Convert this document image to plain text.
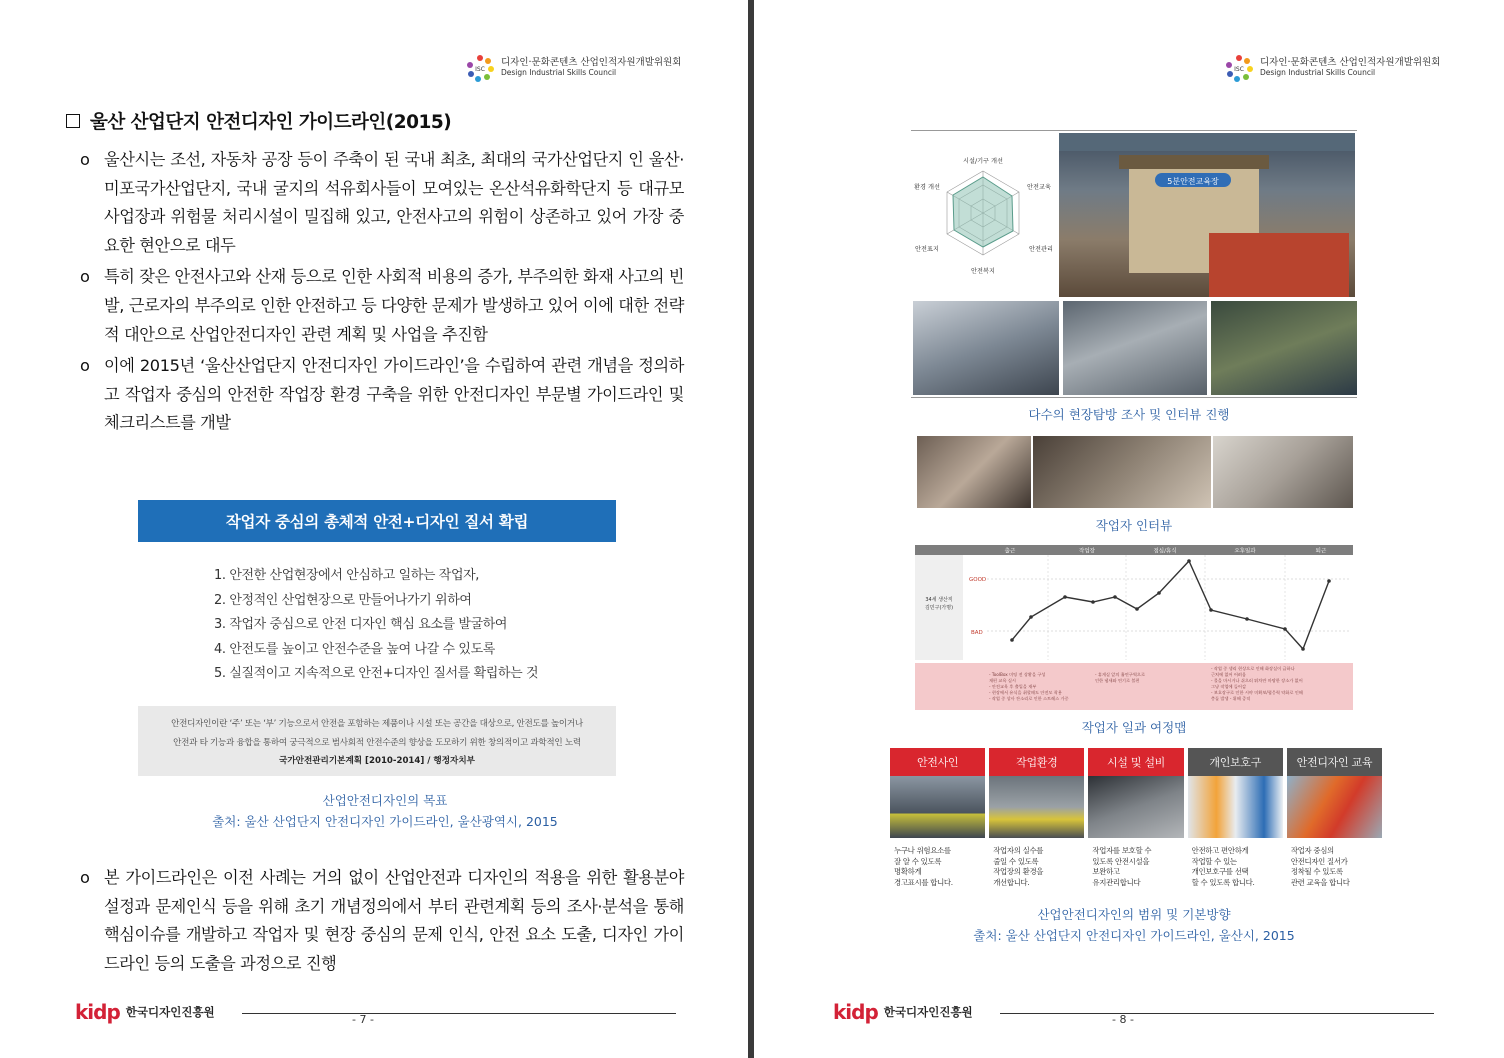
ISC
디자인·문화콘텐츠 산업인적자원개발위원회
Design Industrial Skills Council
울산 산업단지 안전디자인 가이드라인(2015)
o 울산시는 조선, 자동차 공장 등이 주축이 된 국내 최초, 최대의 국가산업단지 인 울산·미포국가산업단지, 국내 굴지의 석유회사들이 모여있는 온산석유화학단지 등 대규모 사업장과 위험물 처리시설이 밀집해 있고, 안전사고의 위험이 상존하고 있어 가장 중요한 현안으로 대두
o 특히 잦은 안전사고와 산재 등으로 인한 사회적 비용의 증가, 부주의한 화재 사고의 빈발, 근로자의 부주의로 인한 안전하고 등 다양한 문제가 발생하고 있어 이에 대한 전략적 대안으로 산업안전디자인 관련 계획 및 사업을 추진함
o 이에 2015년 ‘울산산업단지 안전디자인 가이드라인’을 수립하여 관련 개념을 정의하고 작업자 중심의 안전한 작업장 환경 구축을 위한 안전디자인 부문별 가이드라인 및 체크리스트를 개발
작업자 중심의 총체적 안전+디자인 질서 확립
1. 안전한 산업현장에서 안심하고 일하는 작업자,
2. 안정적인 산업현장으로 만들어나가기 위하여
3. 작업자 중심으로 안전 디자인 핵심 요소를 발굴하여
4. 안전도를 높이고 안전수준을 높여 나갈 수 있도록
5. 실질적이고 지속적으로 안전+디자인 질서를 확립하는 것
안전디자인이란 ‘주’ 또는 ‘부’ 기능으로서 안전을 포함하는 제품이나 시설 또는 공간을 대상으로, 안전도를 높이거나
안전과 타 기능과 융합을 통하여 궁극적으로 범사회적 안전수준의 향상을 도모하기 위한 창의적이고 과학적인 노력
국가안전관리기본계획 [2010-2014] / 행정자치부
산업안전디자인의 목표
출처: 울산 산업단지 안전디자인 가이드라인, 울산광역시, 2015
o 본 가이드라인은 이전 사례는 거의 없이 산업안전과 디자인의 적용을 위한 활용분야 설정과 문제인식 등을 위해 초기 개념정의에서 부터 관련계획 등의 조사·분석을 통해 핵심이슈를 개발하고 작업자 및 현장 중심의 문제 인식, 안전 요소 도출, 디자인 가이드라인 등의 도출을 과정으로 진행
kidp 한국디자인진흥원
- 7 -
ISC
디자인·문화콘텐츠 산업인적자원개발위원회
Design Industrial Skills Council
시설/기구 개선
안전교육
안전관리
안전복지
안전표지
환경 개선
5분안전교육장
다수의 현장탐방 조사 및 인터뷰 진행
작업자 인터뷰
출근	작업장	점심/휴식	오후일과	퇴근
34세 생산직
김민구(가명)
GOOD
BAD
- ToolBox 미팅 전 상황을 구성
재편 교육 실시
- 안전교육 후 출입을 재부
- 현장에서 유식을 취할때도 안전모 착용
- 작업 중 상사 잔소리로 인한 스트레스 가중
- 휴게실 앞의 흡연구역으로
인한 냄새와 연기로 불편
- 작업 중 생리 현상으로 인해 화장실이 급하나
근처에 없어 어려움
- 물을 마시거나 쉬으러 뛰차만 마땅한 장소가 없어
그냥 작업에 들어감
- 보호장구로 인한 시야 미확보/협응력 약화로 인해
충돌 발생 - 위해 증적
작업자 일과 여정맵
안전사인
누구나 위험요소를
잘 알 수 있도록
명확하게
경고표시를 합니다.
작업환경
작업자의 실수를
줄일 수 있도록
작업장의 환경을
개선합니다.
시설 및 설비
작업자를 보호할 수
있도록 안전시설을
보완하고
유지관리합니다
개인보호구
안전하고 편안하게
작업할 수 있는
개인보호구를 선택
할 수 있도록 합니다.
안전디자인 교육
작업자 중심의
안전디자인 질서가
정착될 수 있도록
관련 교육을 합니다
산업안전디자인의 범위 및 기본방향
출처: 울산 산업단지 안전디자인 가이드라인, 울산시, 2015
kidp 한국디자인진흥원
- 8 -
